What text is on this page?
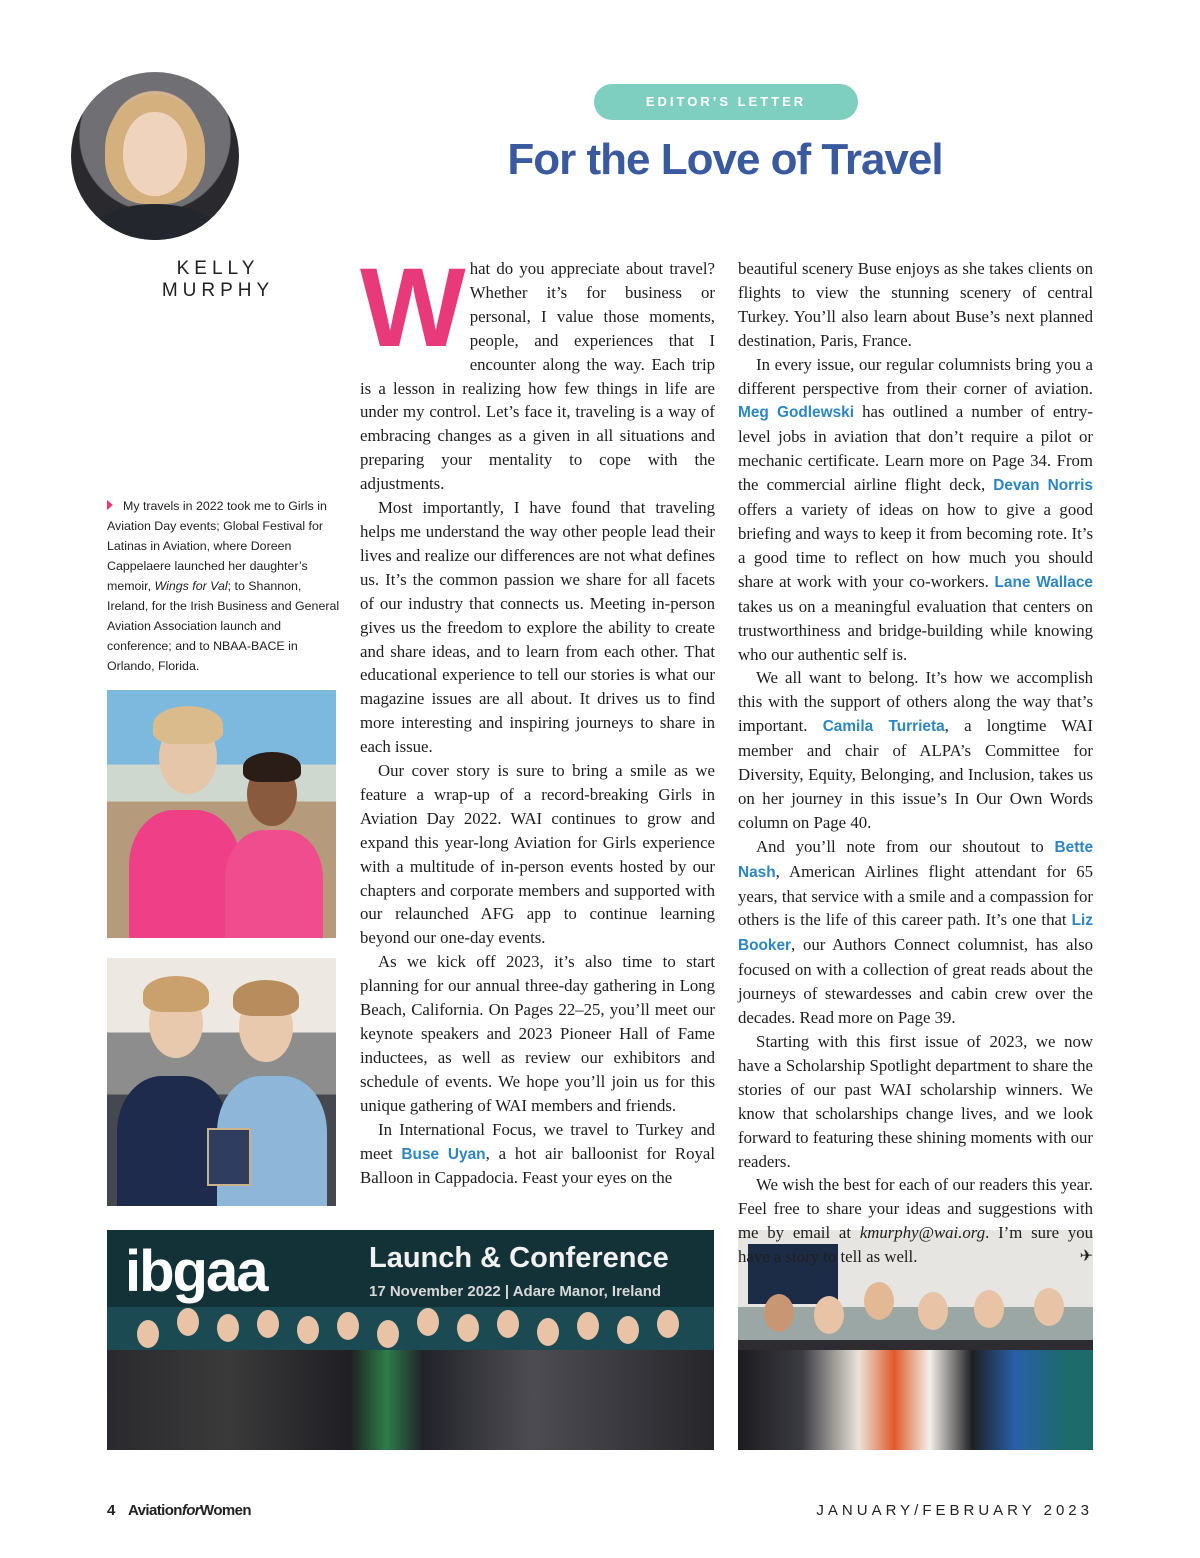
KELLY
MURPHY
EDITOR’S LETTER
For the Love of Travel
My travels in 2022 took me to Girls in Aviation Day events; Global Festival for Latinas in Aviation, where Doreen Cappelaere launched her daughter’s memoir, Wings for Val; to Shannon, Ireland, for the Irish Business and General Aviation Association launch and conference; and to NBAA-BACE in Orlando, Florida.
ibgaa	Launch & Conference
17 November 2022 | Adare Manor, Ireland

What do you appreciate about travel? Whether it’s for business or personal, I value those moments, people, and experiences that I encounter along the way. Each trip is a lesson in realizing how few things in life are under my control. Let’s face it, traveling is a way of embracing changes as a given in all situations and preparing your mentality to cope with the adjustments.

Most importantly, I have found that traveling helps me understand the way other people lead their lives and realize our differences are not what defines us. It’s the common passion we share for all facets of our industry that connects us. Meeting in-person gives us the freedom to explore the ability to create and share ideas, and to learn from each other. That educational experience to tell our stories is what our magazine issues are all about. It drives us to find more interesting and inspiring journeys to share in each issue.

Our cover story is sure to bring a smile as we feature a wrap-up of a record-breaking Girls in Aviation Day 2022. WAI continues to grow and expand this year-long Aviation for Girls experience with a multitude of in-person events hosted by our chapters and corporate members and supported with our relaunched AFG app to continue learning beyond our one-day events.

As we kick off 2023, it’s also time to start planning for our annual three-day gathering in Long Beach, California. On Pages 22–25, you’ll meet our keynote speakers and 2023 Pioneer Hall of Fame inductees, as well as review our exhibitors and schedule of events. We hope you’ll join us for this unique gathering of WAI members and friends.

In International Focus, we travel to Turkey and meet Buse Uyan, a hot air balloonist for Royal Balloon in Cappadocia. Feast your eyes on the

beautiful scenery Buse enjoys as she takes clients on flights to view the stunning scenery of central Turkey. You’ll also learn about Buse’s next planned destination, Paris, France.

In every issue, our regular columnists bring you a different perspective from their corner of aviation. Meg Godlewski has outlined a number of entry-level jobs in aviation that don’t require a pilot or mechanic certificate. Learn more on Page 34. From the commercial airline flight deck, Devan Norris offers a variety of ideas on how to give a good briefing and ways to keep it from becoming rote. It’s a good time to reflect on how much you should share at work with your co-workers. Lane Wallace takes us on a meaningful evaluation that centers on trustworthiness and bridge-building while knowing who our authentic self is.

We all want to belong. It’s how we accomplish this with the support of others along the way that’s important. Camila Turrieta, a longtime WAI member and chair of ALPA’s Committee for Diversity, Equity, Belonging, and Inclusion, takes us on her journey in this issue’s In Our Own Words column on Page 40.

And you’ll note from our shoutout to Bette Nash, American Airlines flight attendant for 65 years, that service with a smile and a compassion for others is the life of this career path. It’s one that Liz Booker, our Authors Connect columnist, has also focused on with a collection of great reads about the journeys of stewardesses and cabin crew over the decades. Read more on Page 39.

Starting with this first issue of 2023, we now have a Scholarship Spotlight department to share the stories of our past WAI scholarship winners. We know that scholarships change lives, and we look forward to featuring these shining moments with our readers.

We wish the best for each of our readers this year. Feel free to share your ideas and suggestions with me by email at kmurphy@wai.org. I’m sure you have a story to tell as well.	✈

4 AviationforWomen	JANUARY/FEBRUARY 2023
